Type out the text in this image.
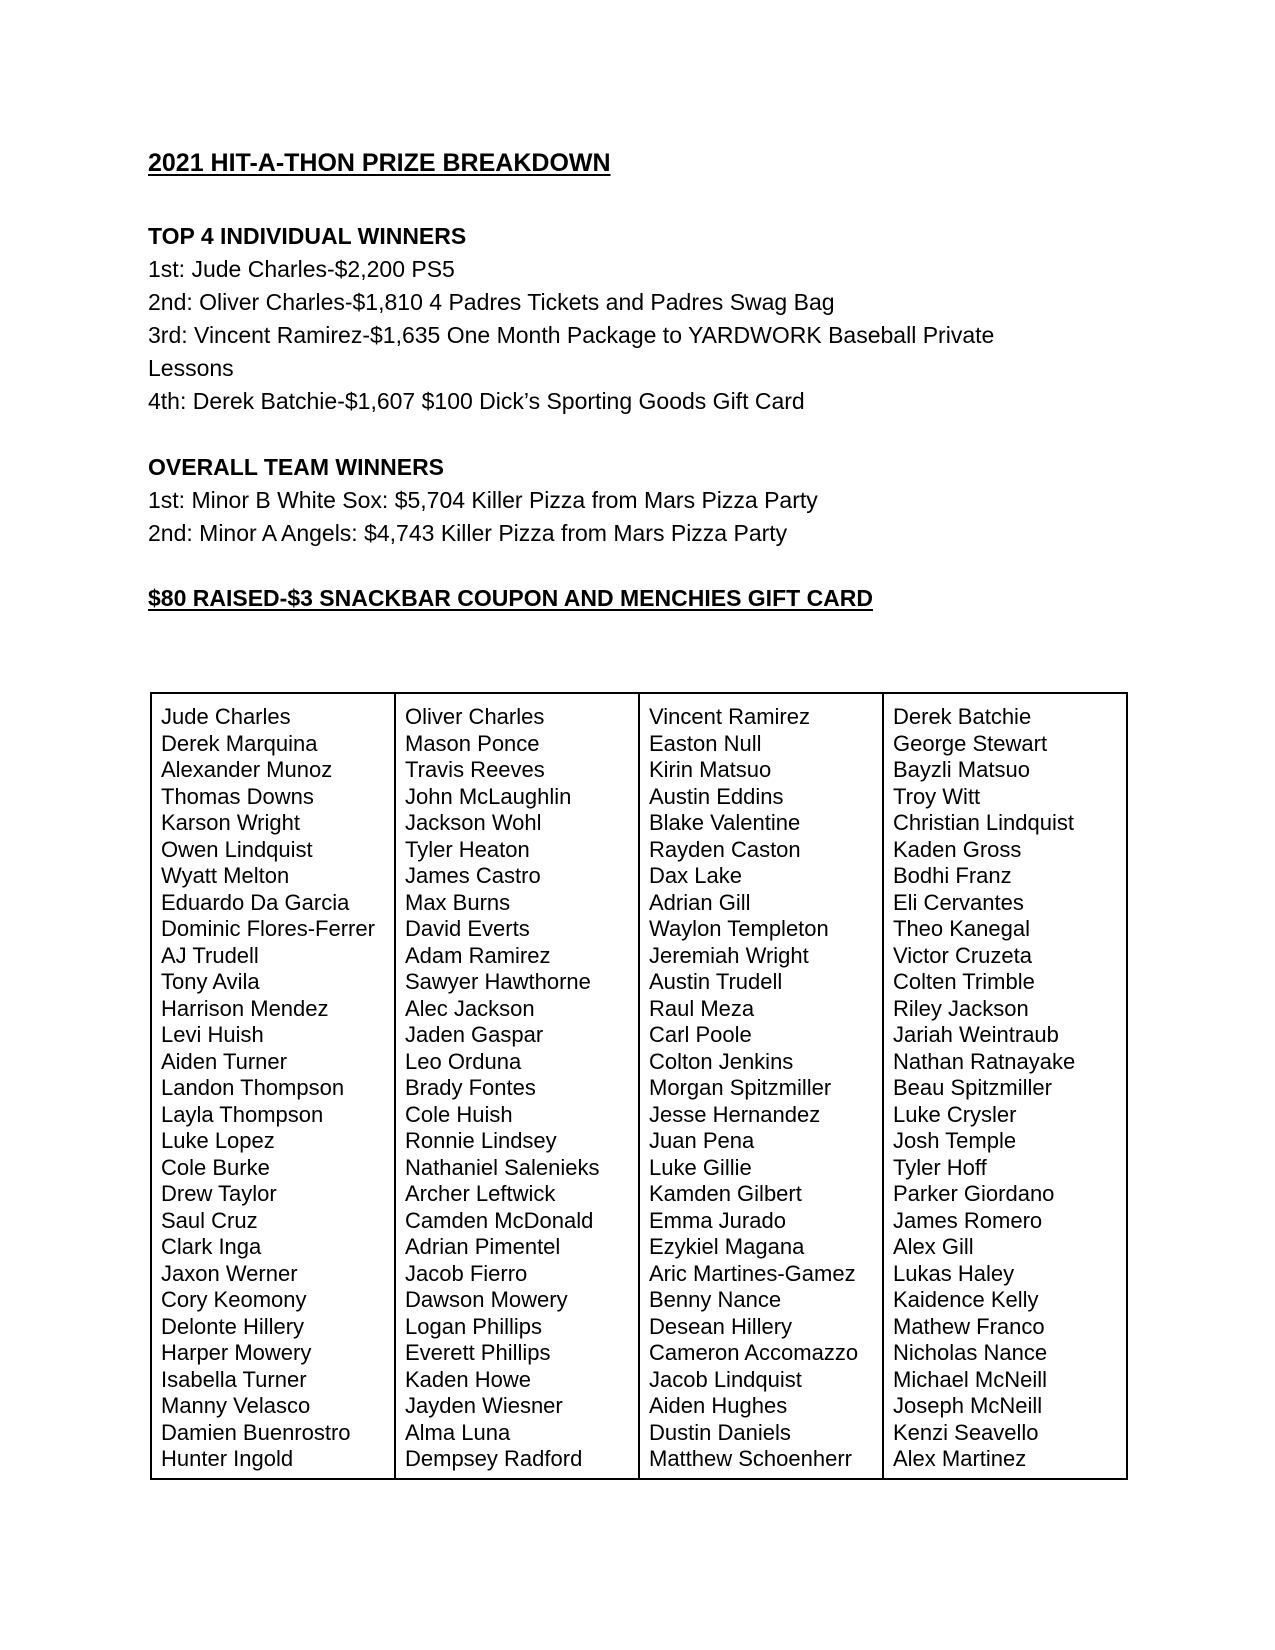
2021 HIT-A-THON PRIZE BREAKDOWN

TOP 4 INDIVIDUAL WINNERS

1st: Jude Charles-$2,200 PS5

2nd: Oliver Charles-$1,810 4 Padres Tickets and Padres Swag Bag

3rd: Vincent Ramirez-$1,635 One Month Package to YARDWORK Baseball Private

Lessons

4th: Derek Batchie-$1,607 $100 Dick’s Sporting Goods Gift Card

OVERALL TEAM WINNERS

1st: Minor B White Sox: $5,704 Killer Pizza from Mars Pizza Party

2nd: Minor A Angels: $4,743 Killer Pizza from Mars Pizza Party

$80 RAISED-$3 SNACKBAR COUPON AND MENCHIES GIFT CARD

Jude Charles
Derek Marquina
Alexander Munoz
Thomas Downs
Karson Wright
Owen Lindquist
Wyatt Melton
Eduardo Da Garcia
Dominic Flores-Ferrer
AJ Trudell
Tony Avila
Harrison Mendez
Levi Huish
Aiden Turner
Landon Thompson
Layla Thompson
Luke Lopez
Cole Burke
Drew Taylor
Saul Cruz
Clark Inga
Jaxon Werner
Cory Keomony
Delonte Hillery
Harper Mowery
Isabella Turner
Manny Velasco
Damien Buenrostro
Hunter Ingold

Oliver Charles
Mason Ponce
Travis Reeves
John McLaughlin
Jackson Wohl
Tyler Heaton
James Castro
Max Burns
David Everts
Adam Ramirez
Sawyer Hawthorne
Alec Jackson
Jaden Gaspar
Leo Orduna
Brady Fontes
Cole Huish
Ronnie Lindsey
Nathaniel Salenieks
Archer Leftwick
Camden McDonald
Adrian Pimentel
Jacob Fierro
Dawson Mowery
Logan Phillips
Everett Phillips
Kaden Howe
Jayden Wiesner
Alma Luna
Dempsey Radford

Vincent Ramirez
Easton Null
Kirin Matsuo
Austin Eddins
Blake Valentine
Rayden Caston
Dax Lake
Adrian Gill
Waylon Templeton
Jeremiah Wright
Austin Trudell
Raul Meza
Carl Poole
Colton Jenkins
Morgan Spitzmiller
Jesse Hernandez
Juan Pena
Luke Gillie
Kamden Gilbert
Emma Jurado
Ezykiel Magana
Aric Martines-Gamez
Benny Nance
Desean Hillery
Cameron Accomazzo
Jacob Lindquist
Aiden Hughes
Dustin Daniels
Matthew Schoenherr

Derek Batchie
George Stewart
Bayzli Matsuo
Troy Witt
Christian Lindquist
Kaden Gross
Bodhi Franz
Eli Cervantes
Theo Kanegal
Victor Cruzeta
Colten Trimble
Riley Jackson
Jariah Weintraub
Nathan Ratnayake
Beau Spitzmiller
Luke Crysler
Josh Temple
Tyler Hoff
Parker Giordano
James Romero
Alex Gill
Lukas Haley
Kaidence Kelly
Mathew Franco
Nicholas Nance
Michael McNeill
Joseph McNeill
Kenzi Seavello
Alex Martinez
